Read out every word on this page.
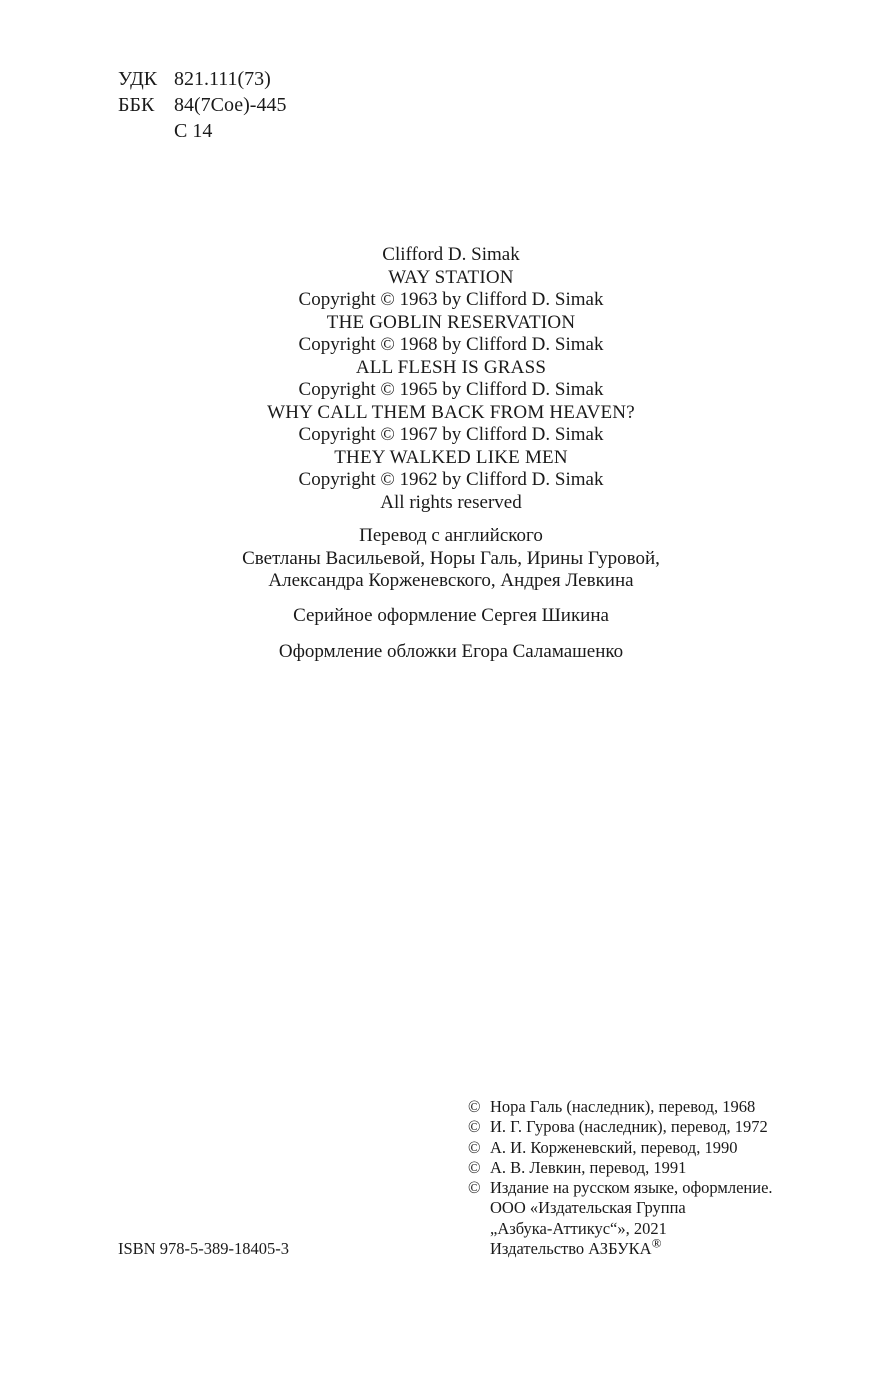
УДК 821.111(73)
ББК 84(7Сое)-445
С 14
Clifford D. Simak
WAY STATION
Copyright © 1963 by Clifford D. Simak
THE GOBLIN RESERVATION
Copyright © 1968 by Clifford D. Simak
ALL FLESH IS GRASS
Copyright © 1965 by Clifford D. Simak
WHY CALL THEM BACK FROM HEAVEN?
Copyright © 1967 by Clifford D. Simak
THEY WALKED LIKE MEN
Copyright © 1962 by Clifford D. Simak
All rights reserved
Перевод с английского
Светланы Васильевой, Норы Галь, Ирины Гуровой,
Александра Корженевского, Андрея Левкина
Серийное оформление Сергея Шикина
Оформление обложки Егора Саламашенко
© Нора Галь (наследник), перевод, 1968
© И. Г. Гурова (наследник), перевод, 1972
© А. И. Корженевский, перевод, 1990
© А. В. Левкин, перевод, 1991
© Издание на русском языке, оформление.
ООО «Издательская Группа
„Азбука-Аттикус“», 2021
Издательство АЗБУКА®
ISBN 978-5-389-18405-3
